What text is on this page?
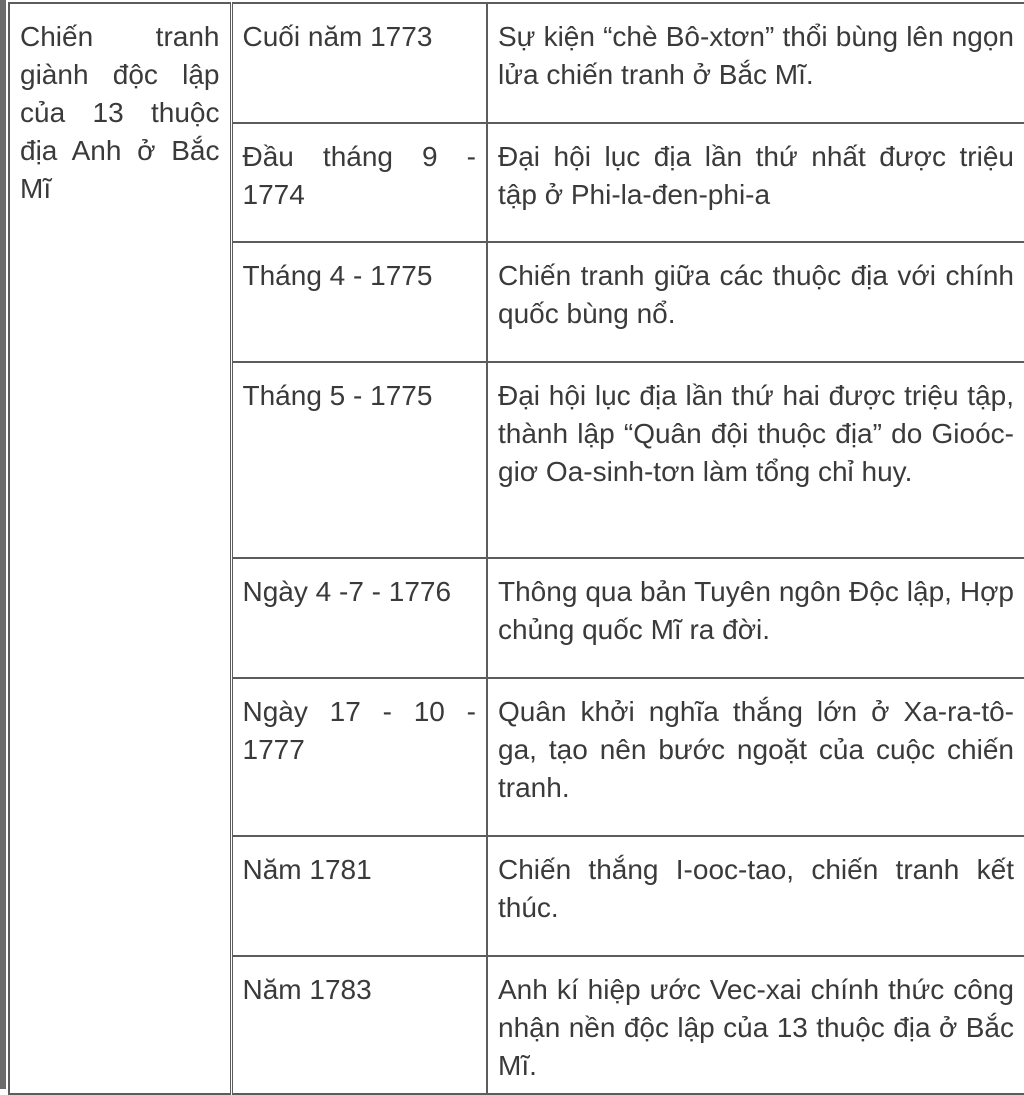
Chiến tranh giành độc lập của 13 thuộc địa Anh ở Bắc Mĩ	Cuối năm 1773	Sự kiện “chè Bô-xtơn” thổi bùng lên ngọn lửa chiến tranh ở Bắc Mĩ.
	Đầu tháng 9 - 1774	Đại hội lục địa lần thứ nhất được triệu tập ở Phi-la-đen-phi-a
	Tháng 4 - 1775	Chiến tranh giữa các thuộc địa với chính quốc bùng nổ.
	Tháng 5 - 1775	Đại hội lục địa lần thứ hai được triệu tập, thành lập “Quân đội thuộc địa” do Gioóc-giơ Oa-sinh-tơn làm tổng chỉ huy.
	Ngày 4 -7 - 1776	Thông qua bản Tuyên ngôn Độc lập, Hợp chủng quốc Mĩ ra đời.
	Ngày 17 - 10 - 1777	Quân khởi nghĩa thắng lớn ở Xa-ra-tô-ga, tạo nên bước ngoặt của cuộc chiến tranh.
	Năm 1781	Chiến thắng I-ooc-tao, chiến tranh kết thúc.
	Năm 1783	Anh kí hiệp ước Vec-xai chính thức công nhận nền độc lập của 13 thuộc địa ở Bắc Mĩ.
